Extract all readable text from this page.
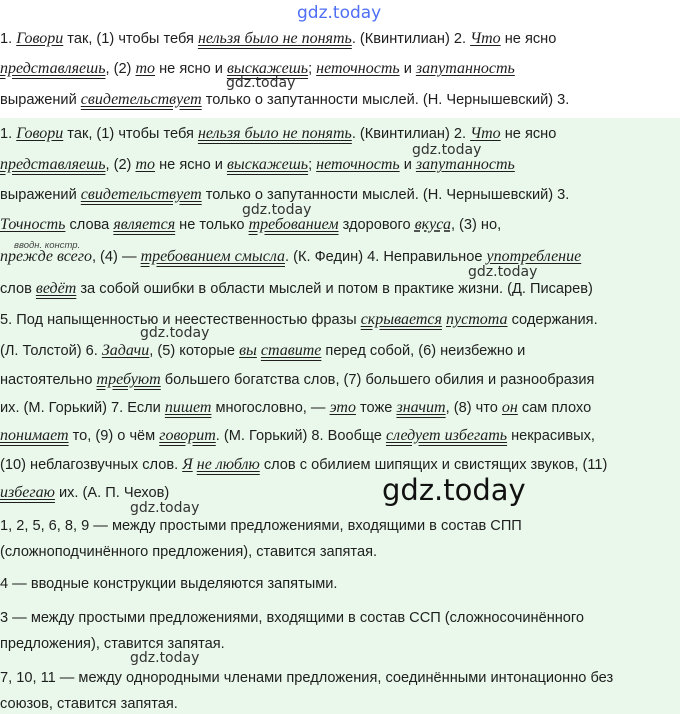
gdz.today
1. Говори так, (1) чтобы тебя нельзя было не понять. (Квинтилиан) 2. Что не ясно
представляешь, (2) то не ясно и выскажешь; неточность и запутанность
выражений свидетельствует только о запутанности мыслей. (Н. Чернышевский) 3.
1. Говори так, (1) чтобы тебя нельзя было не понять. (Квинтилиан) 2. Что не ясно
представляешь, (2) то не ясно и выскажешь; неточность и запутанность
выражений свидетельствует только о запутанности мыслей. (Н. Чернышевский) 3.
Точность слова является не только требованием здорового вкуса, (3) но,
прежде всего, (4) — требованием смысла. (К. Федин) 4. Неправильное употребление
слов ведёт за собой ошибки в области мыслей и потом в практике жизни. (Д. Писарев)
5. Под напыщенностью и неестественностью фразы скрывается пустота содержания.
(Л. Толстой) 6. Задачи, (5) которые вы ставите перед собой, (6) неизбежно и
настоятельно требуют большего богатства слов, (7) большего обилия и разнообразия
их. (М. Горький) 7. Если пишет многословно, — это тоже значит, (8) что он сам плохо
понимает то, (9) о чём говорит. (М. Горький) 8. Вообще следует избегать некрасивых,
(10) неблагозвучных слов. Я не люблю слов с обилием шипящих и свистящих звуков, (11)
избегаю их. (А. П. Чехов)
1, 2, 5, 6, 8, 9 — между простыми предложениями, входящими в состав СПП
(сложноподчинённого предложения), ставится запятая.
4 — вводные конструкции выделяются запятыми.
3 — между простыми предложениями, входящими в состав ССП (сложносочинённого
предложения), ставится запятая.
7, 10, 11 — между однородными членами предложения, соединёнными интонационно без
союзов, ставится запятая.
вводн. констр.
gdz.today
gdz.today
gdz.today
gdz.today
gdz.today
gdz.today
gdz.today
gdz.today
